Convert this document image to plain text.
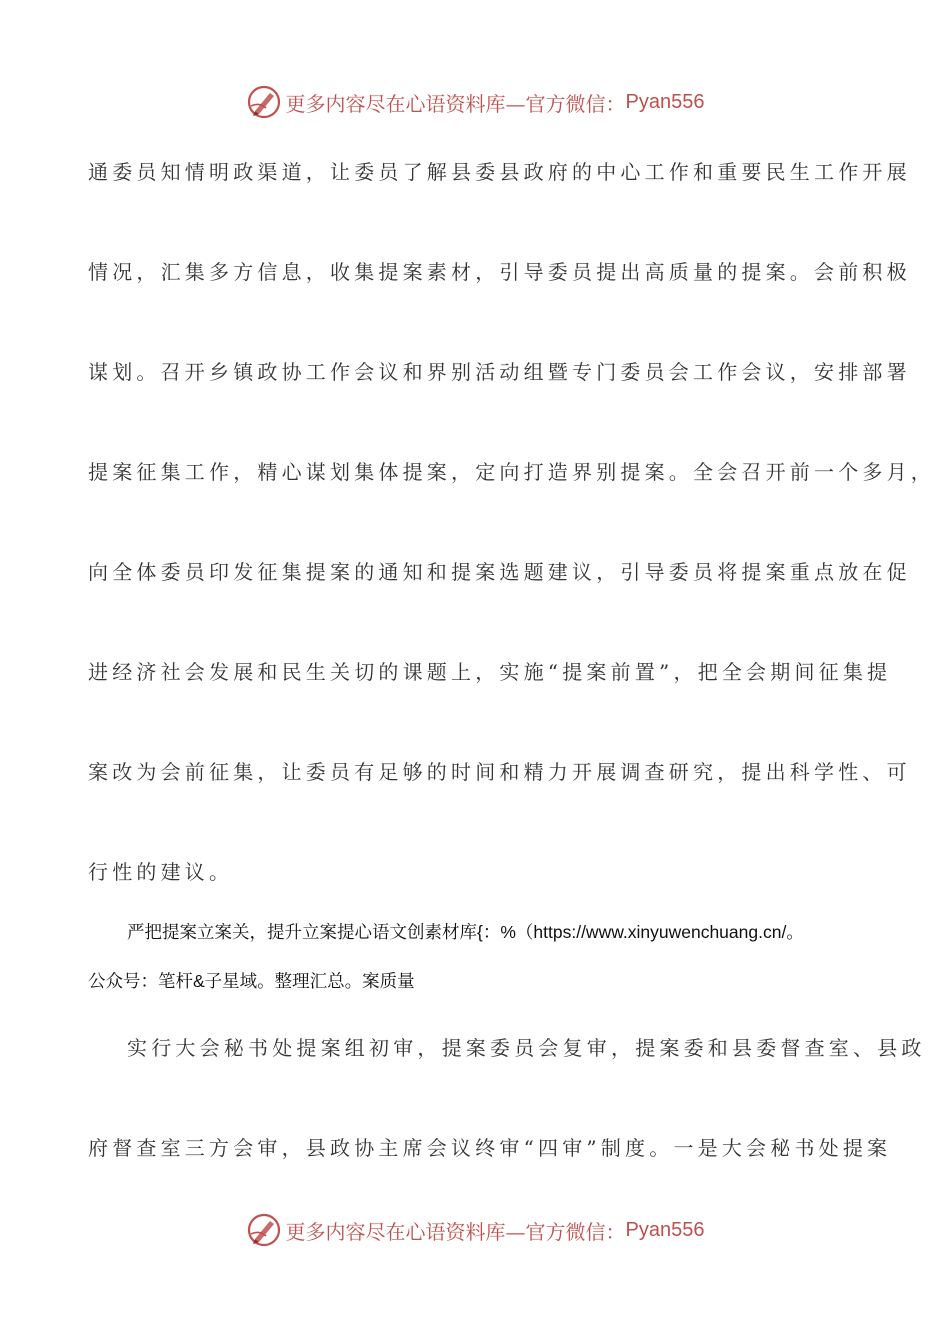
更多内容尽在心语资料库—官方微信： Pyan556
通委员知情明政渠道，让委员了解县委县政府的中心工作和重要民生工作开展
情况，汇集多方信息，收集提案素材，引导委员提出高质量的提案。会前积极
谋划。召开乡镇政协工作会议和界别活动组暨专门委员会工作会议，安排部署
提案征集工作，精心谋划集体提案，定向打造界别提案。全会召开前一个多月，
向全体委员印发征集提案的通知和提案选题建议，引导委员将提案重点放在促
进经济社会发展和民生关切的课题上，实施“提案前置”，把全会期间征集提
案改为会前征集，让委员有足够的时间和精力开展调查研究，提出科学性、可
行性的建议。
严把提案立案关，提升立案提心语文创素材库{：%（https://www.xinyuwenchuang.cn/。
公众号：笔杆&子星域。整理汇总。案质量
实行大会秘书处提案组初审，提案委员会复审，提案委和县委督查室、县政
府督查室三方会审，县政协主席会议终审“四审”制度。一是大会秘书处提案
更多内容尽在心语资料库—官方微信： Pyan556
